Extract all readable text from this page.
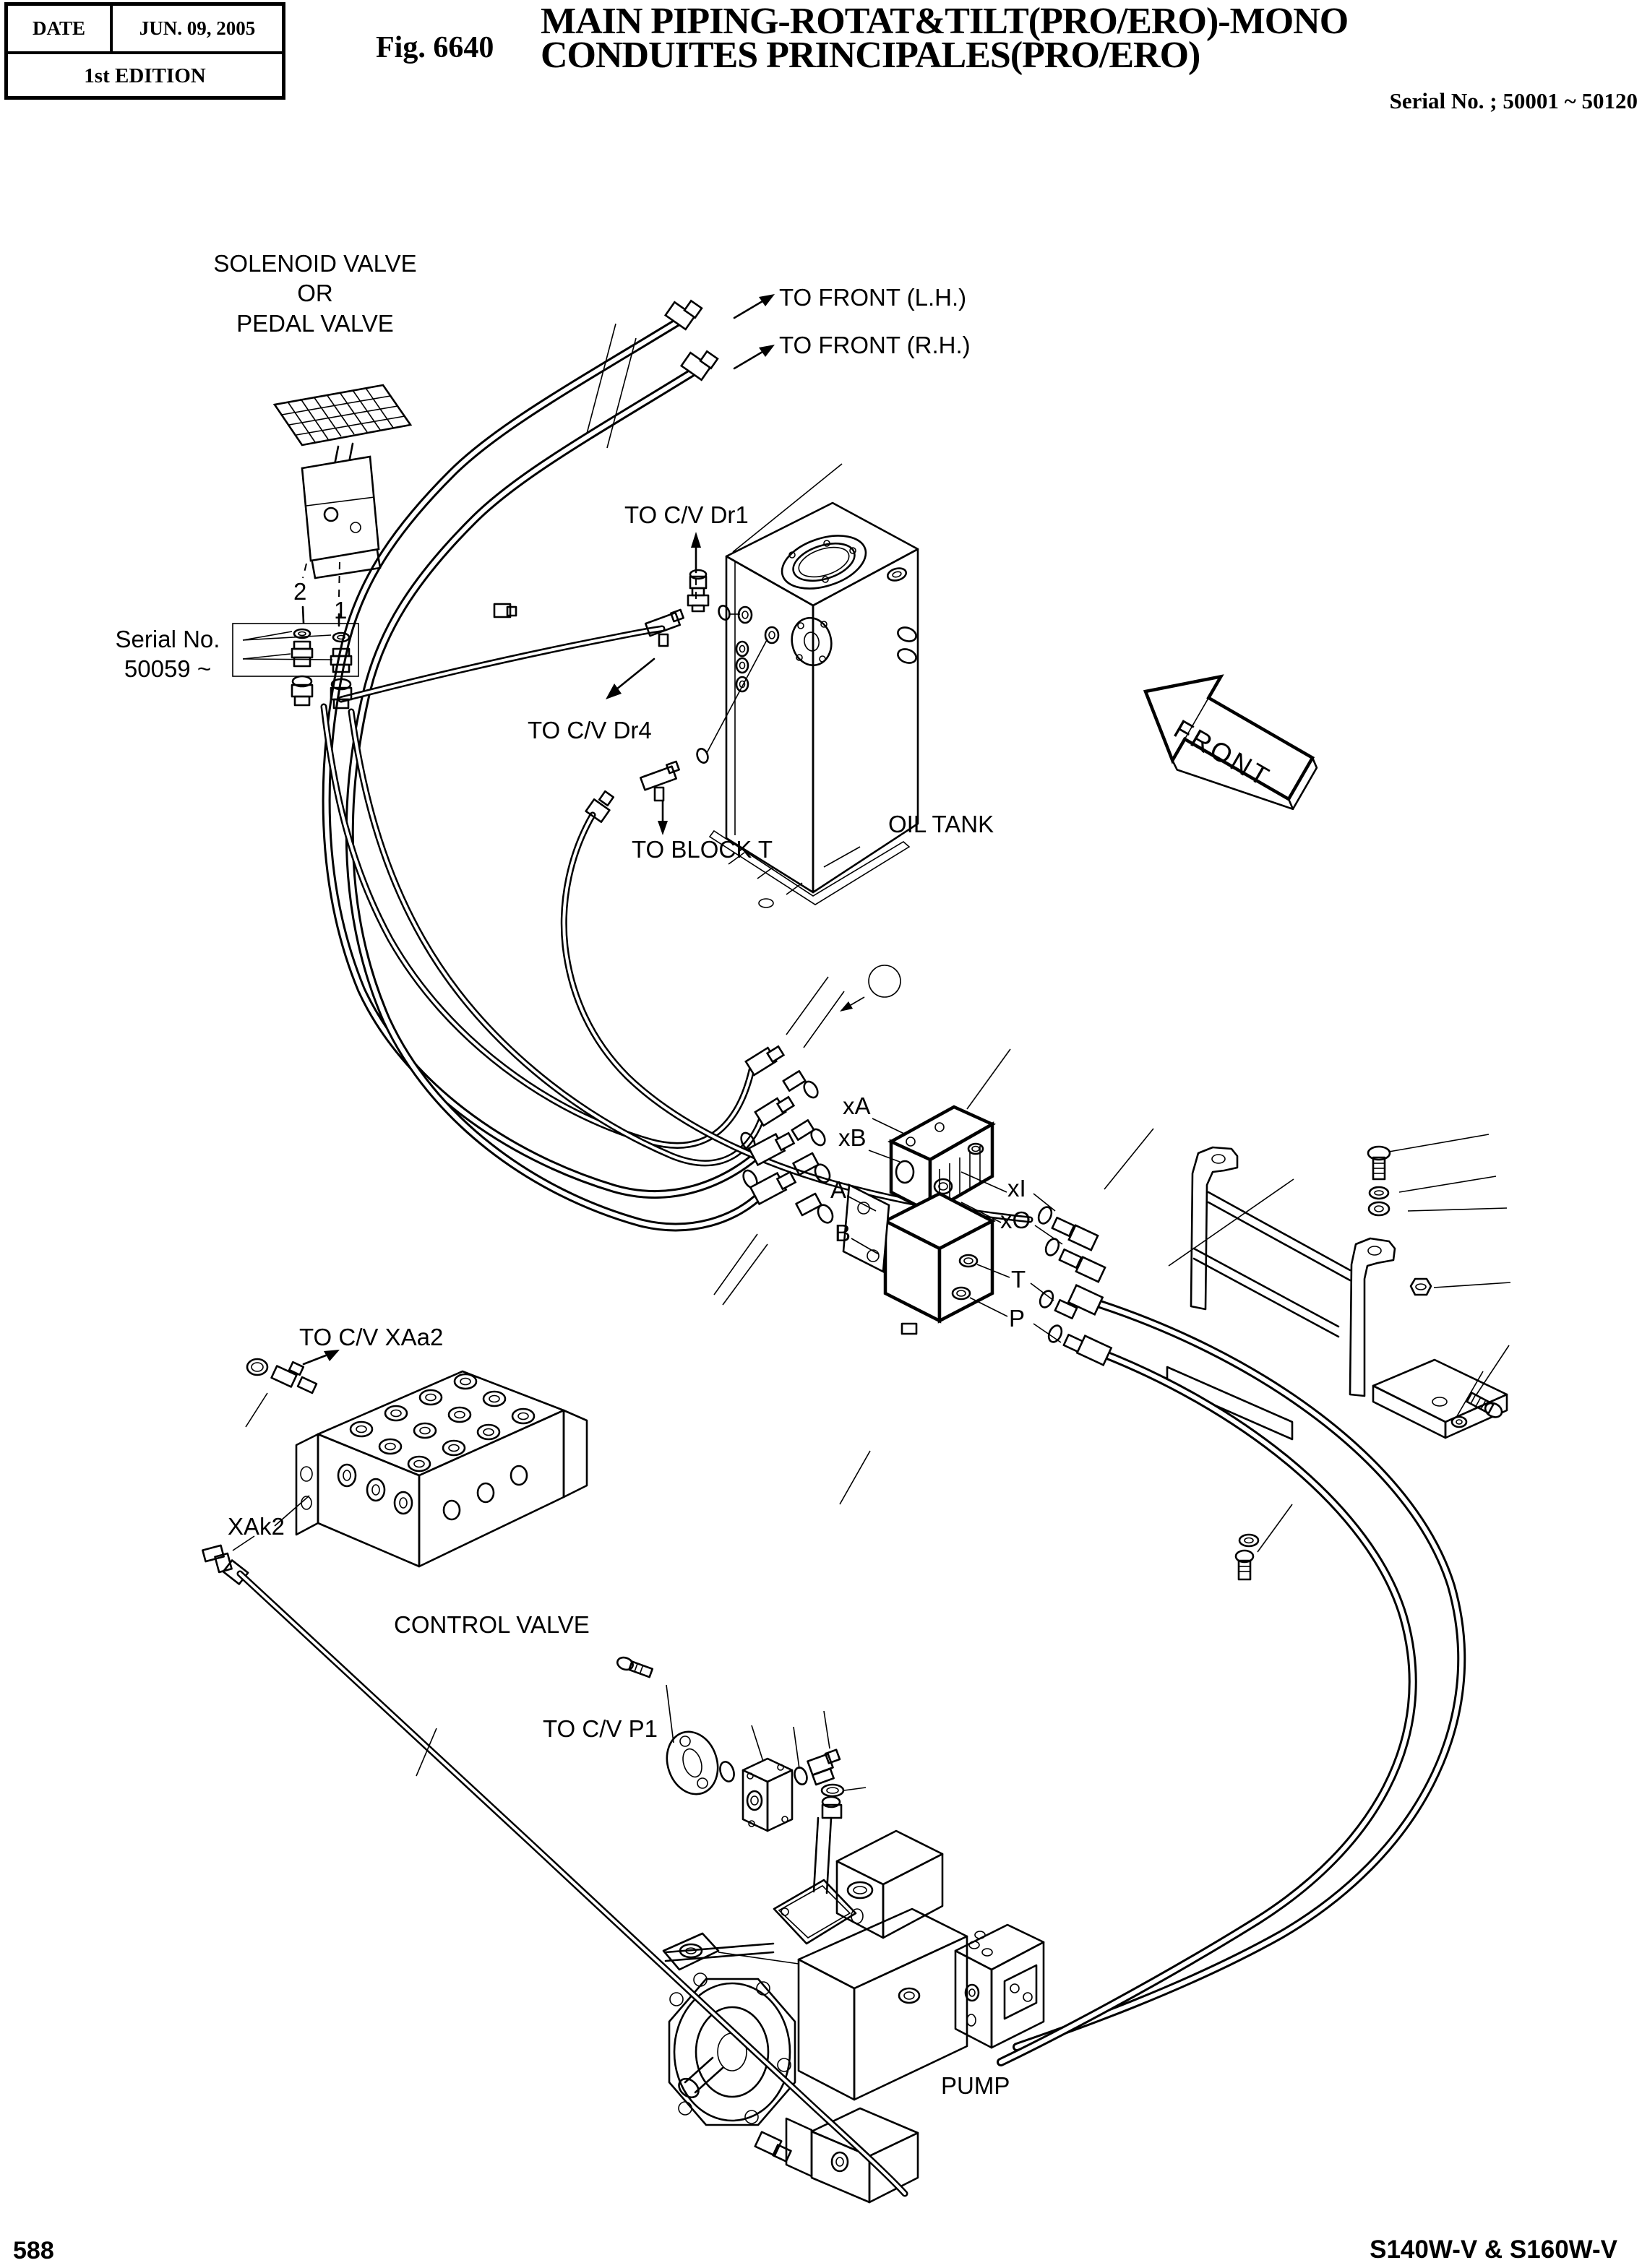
DATE	JUN. 09, 2005
1st EDITION
Fig. 6640
MAIN PIPING-ROTAT&TILT(PRO/ERO)-MONO
CONDUITES PRINCIPALES(PRO/ERO)
Serial No. ; 50001 ~ 50120
SOLENOID VALVE
OR
PEDAL VALVE
TO FRONT (L.H.)
TO FRONT (R.H.)
TO C/V Dr1
Serial No.
50059 ~
2
1
TO C/V Dr4
TO BLOCK T
OIL TANK
FRONT
xA
xB
A
B
xI
xO
T
P
TO C/V XAa2
XAk2
CONTROL VALVE
TO C/V P1
PUMP
588	S140W-V & S160W-V
